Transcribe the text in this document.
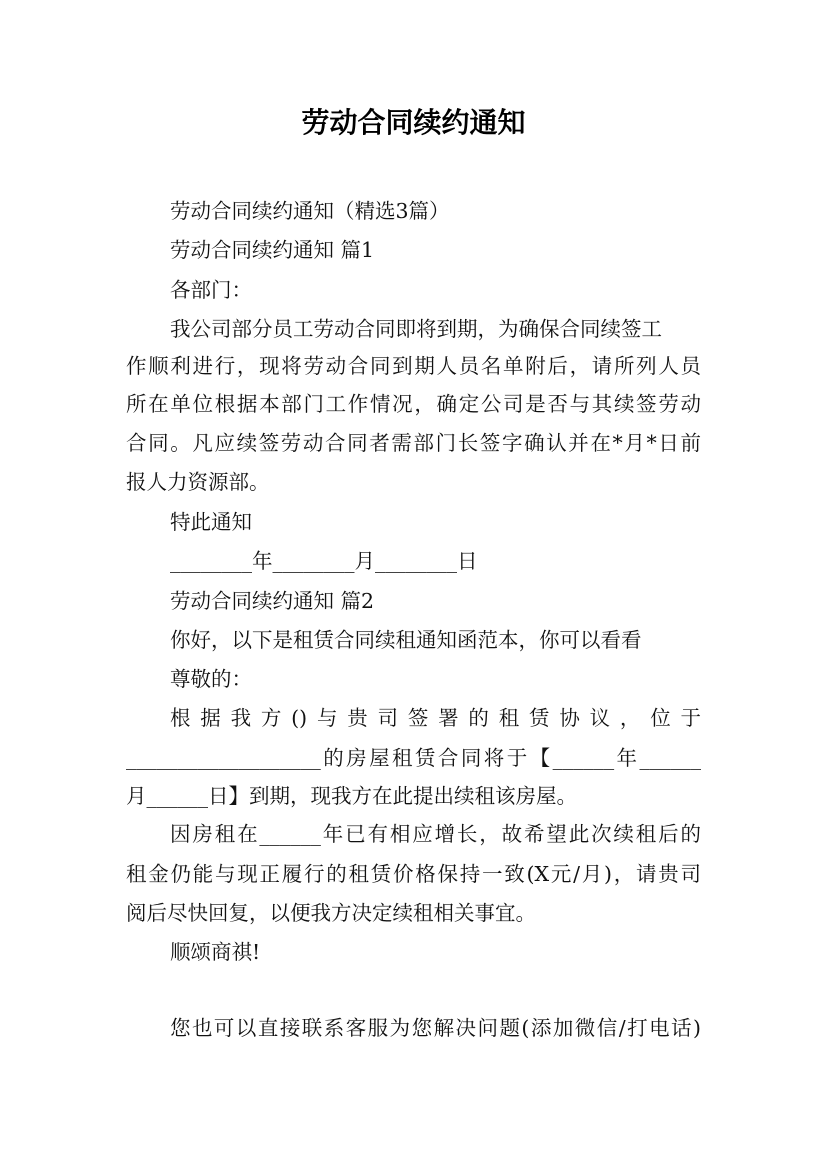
劳动合同续约通知
劳动合同续约通知（精选3篇）
劳动合同续约通知 篇1
各部门：
我公司部分员工劳动合同即将到期，为确保合同续签工
作顺利进行，现将劳动合同到期人员名单附后，请所列人员
所在单位根据本部门工作情况，确定公司是否与其续签劳动
合同。凡应续签劳动合同者需部门长签字确认并在*月*日前
报人力资源部。
特此通知
________年________月________日
劳动合同续约通知 篇2
你好，以下是租赁合同续租通知函范本，你可以看看
尊敬的：
根据我方()与贵司签署的租赁协议，位于
___________________的房屋租赁合同将于【______年______
月______日】到期，现我方在此提出续租该房屋。
因房租在______年已有相应增长，故希望此次续租后的
租金仍能与现正履行的租赁价格保持一致(X元/月)，请贵司
阅后尽快回复，以便我方决定续租相关事宜。
顺颂商祺!
您也可以直接联系客服为您解决问题(添加微信/打电话)
